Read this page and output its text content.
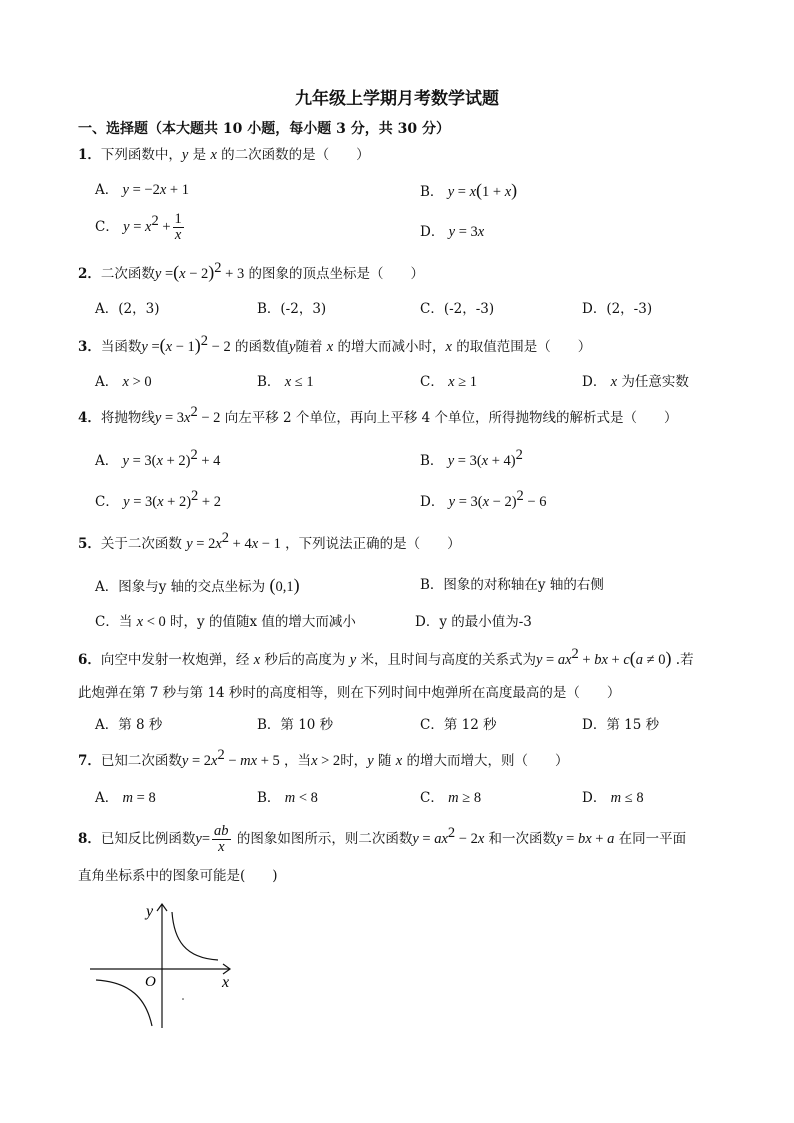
九年级上学期月考数学试题
一、选择题（本大题共 10 小题，每小题 3 分，共 30 分）
1．下列函数中，y 是 x 的二次函数的是（　　）
A． y = −2x + 1	B． y = x(1 + x)
C． $y = x^2 + \frac{1}{x}$	D． y = 3x
2．二次函数$y =(x - 2)^2 + 3$ 的图象的顶点坐标是（　　）
A．(2，3)	B．(-2，3)	C．(-2，-3)	D．(2，-3)
3．当函数$y =(x - 1)^2 - 2$ 的函数值y随着 x 的增大而减小时，x 的取值范围是（　　）
A． x > 0	B． x ≤ 1	C． x ≥ 1	D． x 为任意实数
4．将抛物线$y = 3x^2 - 2$ 向左平移 2 个单位，再向上平移 4 个单位，所得抛物线的解析式是（　　）
A． $y = 3(x + 2)^2 + 4$	B． $y = 3(x + 4)^2$
C． $y = 3(x + 2)^2 + 2$	D． $y = 3(x - 2)^2 - 6$
5．关于二次函数 $y = 2x^2 + 4x - 1$ ，下列说法正确的是（　　）
A．图象与y 轴的交点坐标为 (0,1)	B．图象的对称轴在y 轴的右侧
C．当 x < 0 时，y 的值随x 值的增大而减小	D．y 的最小值为-3
6．向空中发射一枚炮弹，经 x 秒后的高度为 y 米，且时间与高度的关系式为$y = ax^2$ + bx + c(a ≠ 0) .若
此炮弹在第 7 秒与第 14 秒时的高度相等，则在下列时间中炮弹所在高度最高的是（　　）
A．第 8 秒	B．第 10 秒	C．第 12 秒	D．第 15 秒
7．已知二次函数$y = 2x^2$ − mx + 5 ，当x > 2时，y 随 x 的增大而增大，则（　　）
A． m = 8	B． m < 8	C． m ≥ 8	D． m ≤ 8
8．已知反比例函数$y= \frac{ab}{x}$ 的图象如图所示，则二次函数$y = ax^2 - 2x$ 和一次函数y = bx + a 在同一平面
直角坐标系中的图象可能是(　　)
y
x
O
